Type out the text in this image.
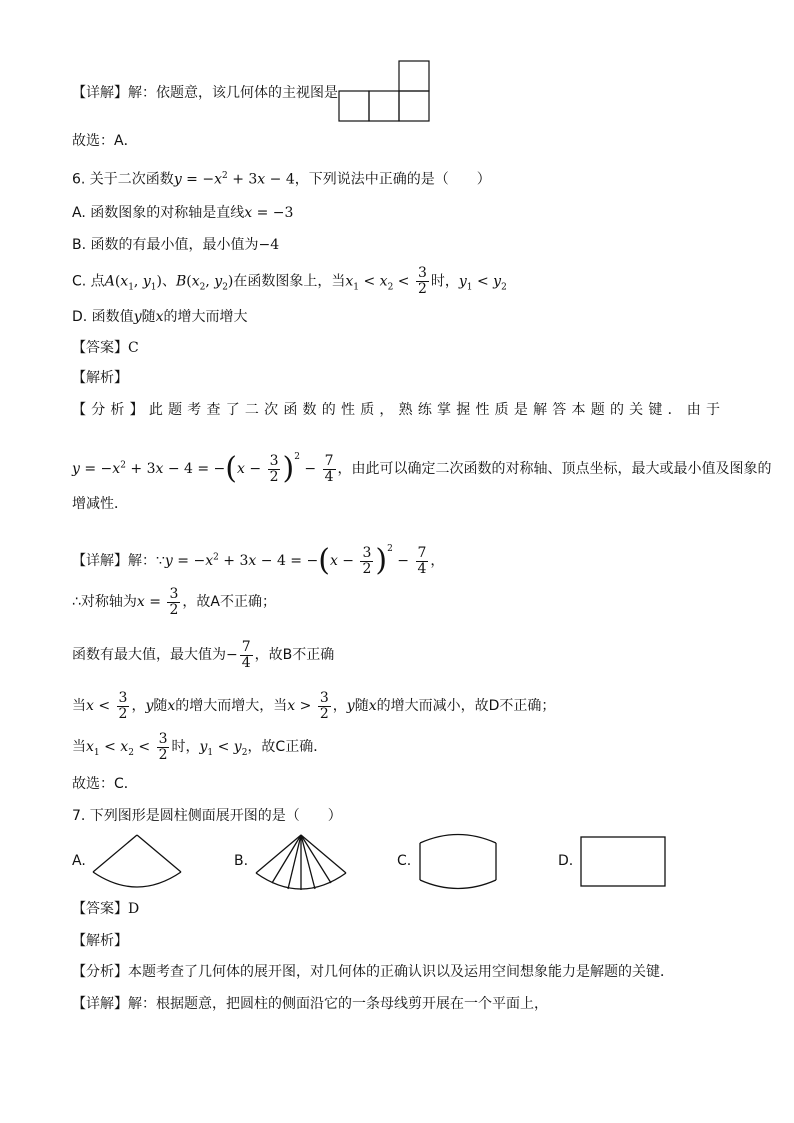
【详解】解：依题意，该几何体的主视图是
故选：A．
6. 关于二次函数$y = -x^2 + 3x - 4$，下列说法中正确的是（　　）
A. 函数图象的对称轴是直线x = −3
B. 函数的有最小值，最小值为−4
C. 点$A(x_1$, $y_1$)、$B(x_2$, $y_2$)在函数图象上，当$x_1 < x_2 < \frac{3}{2}$ 时，$y_1 < y_2$
D. 函数值y随x的增大而增大
【答案】C
【解析】
【分析】此题考查了二次函数的性质，熟练掌握性质是解答本题的关键．由于
$y = -x^2 + 3x - 4 = -(x - \frac{3}{2} )^2 - \frac{7}{4}$ ，由此可以确定二次函数的对称轴、顶点坐标，最大或最小值及图象的
增减性．
【详解】解：∵y = $-x^2 + 3x - 4 = -(x - \frac{3}{2} )^2 - \frac{7}{4}$ ，
∴对称轴为$x = \frac{3}{2}$ ，故A不正确；
函数有最大值，最大值为− $\frac{7}{4}$ ，故B不正确
当$x < \frac{3}{2}$ ，y随x的增大而增大，当$x > \frac{3}{2}$ ，y随x的增大而减小，故D不正确；
当$x_1 < x_2 < \frac{3}{2}$ 时，$y_1 < y_2$，故C正确．
故选：C．
7. 下列图形是圆柱侧面展开图的是（　　）
A.	B.	C.	D.
【答案】D
【解析】
【分析】本题考查了几何体的展开图，对几何体的正确认识以及运用空间想象能力是解题的关键．
【详解】解：根据题意，把圆柱的侧面沿它的一条母线剪开展在一个平面上，
